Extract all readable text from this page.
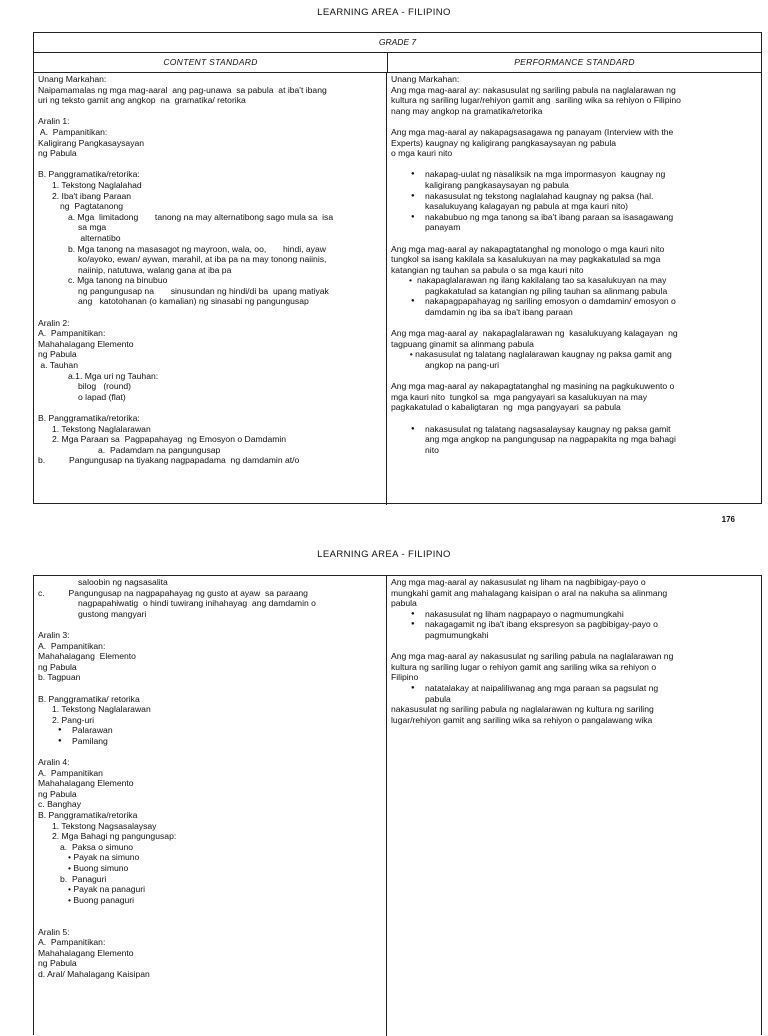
LEARNING AREA - FILIPINO
GRADE 7
CONTENT STANDARD	PERFORMANCE STANDARD
Unang Markahan:
Naipamamalas ng mga mag-aaral  ang pag-unawa  sa pabula  at iba't ibang
uri ng teksto gamit ang angkop  na  gramatika/ retorika
Aralin 1:
A.  Pampanitikan:
Kaligirang Pangkasaysayan
ng Pabula
B. Panggramatika/retorika:
1. Tekstong Naglalahad
2. Iba't ibang Paraan
ng  Pagtatanong
a. Mga  limitadong       tanong na may alternatibong sago mula sa  isa
sa mga
alternatibo
b. Mga tanong na masasagot ng mayroon, wala, oo,       hindi, ayaw
ko/ayoko, ewan/ aywan, marahil, at iba pa na may tonong naiinis,
naiinip, natutuwa, walang gana at iba pa
c. Mga tanong na binubuo
ng pangungusap na       sinusundan ng hindi/di ba  upang matiyak
ang   katotohanan (o kamalian) ng sinasabi ng pangungusap
Aralin 2:
A.  Pampanitikan:
Mahahalagang Elemento
ng Pabula
a. Tauhan
a.1. Mga uri ng Tauhan:
bilog   (round)
o lapad (flat)
B. Panggramatika/retorika:
1. Tekstong Naglalarawan
2. Mga Paraan sa  Pagpapahayag  ng Emosyon o Damdamin
a.  Padamdam na pangungusap
b.          Pangungusap na tiyakang nagpapadama  ng damdamin at/o
Unang Markahan:
Ang mga mag-aaral ay: nakasusulat ng sariling pabula na naglalarawan ng
kultura ng sariling lugar/rehiyon gamit ang  sariling wika sa rehiyon o Filipino
nang may angkop na gramatika/retorika
Ang mga mag-aaral ay nakapagsasagawa ng panayam (Interview with the
Experts) kaugnay ng kaligirang pangkasaysayan ng pabula
o mga kauri nito
● nakapag-uulat ng nasaliksik na mga impormasyon  kaugnay ng
kaligirang pangkasaysayan ng pabula
● nakasusulat ng tekstong naglalahad kaugnay ng paksa (hal.
kasalukuyang kalagayan ng pabula at mga kauri nito)
● nakabubuo ng mga tanong sa iba't ibang paraan sa isasagawang
panayam
Ang mga mag-aaral ay nakapagtatanghal ng monologo o mga kauri nito
tungkol sa isang kakilala sa kasalukuyan na may pagkakatulad sa mga
katangian ng tauhan sa pabula o sa mga kauri nito
• nakapaglalarawan ng ilang kakilalang tao sa kasalukuyan na may
pagkakatulad sa katangian ng piling tauhan sa alinmang pabula
● nakapagpapahayag ng sariling emosyon o damdamin/ emosyon o
damdamin ng iba sa iba't ibang paraan
Ang mga mag-aaral ay  nakapaglalarawan ng  kasalukuyang kalagayan  ng
tagpuang ginamit sa alinmang pabula
• nakasusulat ng talatang naglalarawan kaugnay ng paksa gamit ang
angkop na pang-uri
Ang mga mag-aaral ay nakapagtatanghal ng masining na pagkukuwento o
mga kauri nito  tungkol sa  mga pangyayari sa kasalukuyan na may
pagkakatulad o kabaligtaran  ng  mga pangyayari  sa pabula
● nakasusulat ng talatang nagsasalaysay kaugnay ng paksa gamit
ang mga angkop na pangungusap na nagpapakita ng mga bahagi
nito
176
LEARNING AREA - FILIPINO
saloobin ng nagsasalita
c.          Pangungusap na nagpapahayag ng gusto at ayaw  sa paraang
nagpapahiwatig  o hindi tuwirang inihahayag  ang damdamin o
gustong mangyari
Aralin 3:
A.  Pampanitikan:
Mahahalagang  Elemento
ng Pabula
b. Tagpuan
B. Panggramatika/ retorika
1. Tekstong Naglalarawan
2. Pang-uri
● Palarawan
● Pamilang
Aralin 4:
A.  Pampanitikan
Mahahalagang Elemento
ng Pabula
c. Banghay
B. Panggramatika/retorika
1. Tekstong Nagsasalaysay
2. Mga Bahagi ng pangungusap:
a.  Paksa o simuno
• Payak na simuno
• Buong simuno
b.  Panaguri
• Payak na panaguri
• Buong panaguri
Aralin 5:
A.  Pampanitikan:
Mahahalagang Elemento
ng Pabula
d. Aral/ Mahalagang Kaisipan
Ang mga mag-aaral ay nakasusulat ng liham na nagbibigay-payo o
mungkahi gamit ang mahalagang kaisipan o aral na nakuha sa alinmang
pabula
● nakasusulat ng liham nagpapayo o nagmumungkahi
● nakagagamit ng iba't ibang ekspresyon sa pagbibigay-payo o
pagmumungkahi
Ang mga mag-aaral ay nakasusulat ng sariling pabula na naglalarawan ng
kultura ng sariling lugar o rehiyon gamit ang sariling wika sa rehiyon o
Filipino
● natatalakay at naipaliliwanag ang mga paraan sa pagsulat ng
pabula
nakasusulat ng sariling pabula ng naglalarawan ng kultura ng sariling
lugar/rehiyon gamit ang sariling wika sa rehiyon o pangalawang wika
